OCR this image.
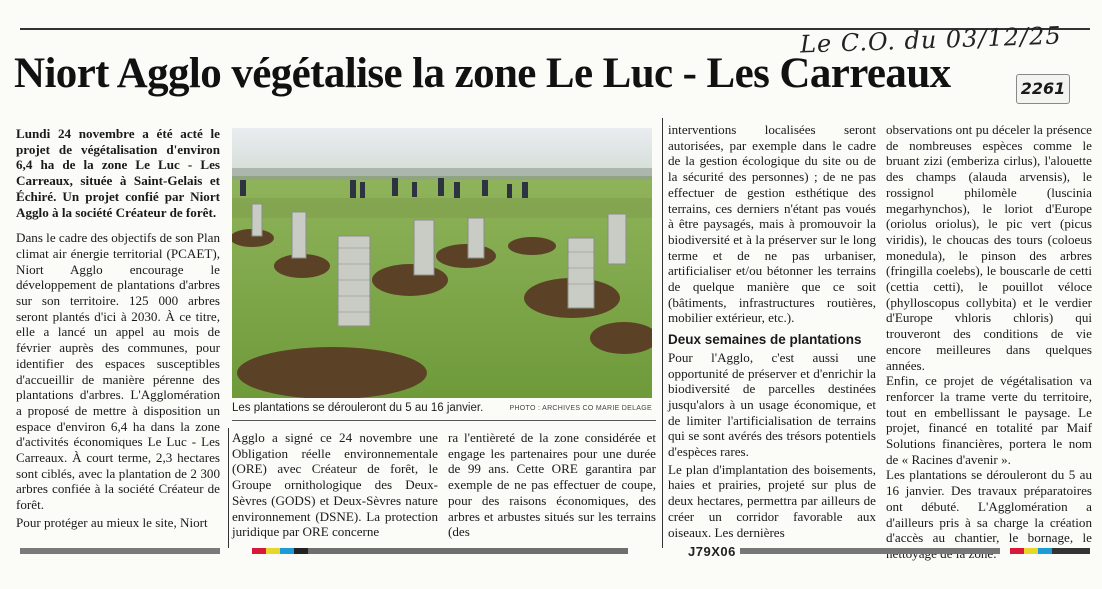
Le C.O. du 03/12/25
2261
Niort Agglo végétalise la zone Le Luc - Les Carreaux

Lundi 24 novembre a été acté le projet de végétalisation d'environ 6,4 ha de la zone Le Luc - Les Carreaux, située à Saint-Gelais et Échiré. Un projet confié par Niort Agglo à la société Créateur de forêt.

Dans le cadre des objectifs de son Plan climat air énergie territorial (PCAET), Niort Agglo encourage le développement de plantations d'arbres sur son territoire. 125 000 arbres seront plantés d'ici à 2030. À ce titre, elle a lancé un appel au mois de février auprès des communes, pour identifier des espaces susceptibles d'accueillir de manière pérenne des plantations d'arbres. L'Agglomération a proposé de mettre à disposition un espace d'environ 6,4 ha dans la zone d'activités économiques Le Luc - Les Carreaux. À court terme, 2,3 hectares sont ciblés, avec la plantation de 2 300 arbres confiée à la société Créateur de forêt.

Pour protéger au mieux le site, Niort

Les plantations se dérouleront du 5 au 16 janvier.	PHOTO : ARCHIVES CO MARIE DELAGE
Agglo a signé ce 24 novembre une Obligation réelle environnementale (ORE) avec Créateur de forêt, le Groupe ornithologique des Deux-Sèvres (GODS) et Deux-Sèvres nature environnement (DSNE). La protection juridique par ORE concerne
ra l'entièreté de la zone considérée et engage les partenaires pour une durée de 99 ans. Cette ORE garantira par exemple de ne pas effectuer de coupe, pour des raisons économiques, des arbres et arbustes situés sur les terrains (des

interventions localisées seront autorisées, par exemple dans le cadre de la gestion écologique du site ou de la sécurité des personnes) ; de ne pas effectuer de gestion esthétique des terrains, ces derniers n'étant pas voués à être paysagés, mais à promouvoir la biodiversité et à la préserver sur le long terme et de ne pas urbaniser, artificialiser et/ou bétonner les terrains de quelque manière que ce soit (bâtiments, infrastructures routières, mobilier extérieur, etc.).

Deux semaines de plantations

Pour l'Agglo, c'est aussi une opportunité de préserver et d'enrichir la biodiversité de parcelles destinées jusqu'alors à un usage économique, et de limiter l'artificialisation de terrains qui se sont avérés des trésors potentiels d'espèces rares.

Le plan d'implantation des boisements, haies et prairies, projeté sur plus de deux hectares, permettra par ailleurs de créer un corridor favorable aux oiseaux. Les dernières

observations ont pu déceler la présence de nombreuses espèces comme le bruant zizi (emberiza cirlus), l'alouette des champs (alauda arvensis), le rossignol philomèle (luscinia megarhynchos), le loriot d'Europe (oriolus oriolus), le pic vert (picus viridis), le choucas des tours (coloeus monedula), le pinson des arbres (fringilla coelebs), le bouscarle de cetti (cettia cetti), le pouillot véloce (phylloscopus collybita) et le verdier d'Europe vhloris chloris) qui trouveront des conditions de vie encore meilleures dans quelques années.

Enfin, ce projet de végétalisation va renforcer la trame verte du territoire, tout en embellissant le paysage. Le projet, financé en totalité par Maif Solutions financières, portera le nom de « Racines d'avenir ».

Les plantations se dérouleront du 5 au 16 janvier. Des travaux préparatoires ont débuté. L'Agglomération a d'ailleurs pris à sa charge la création d'accès au chantier, le bornage, le

J79X06
